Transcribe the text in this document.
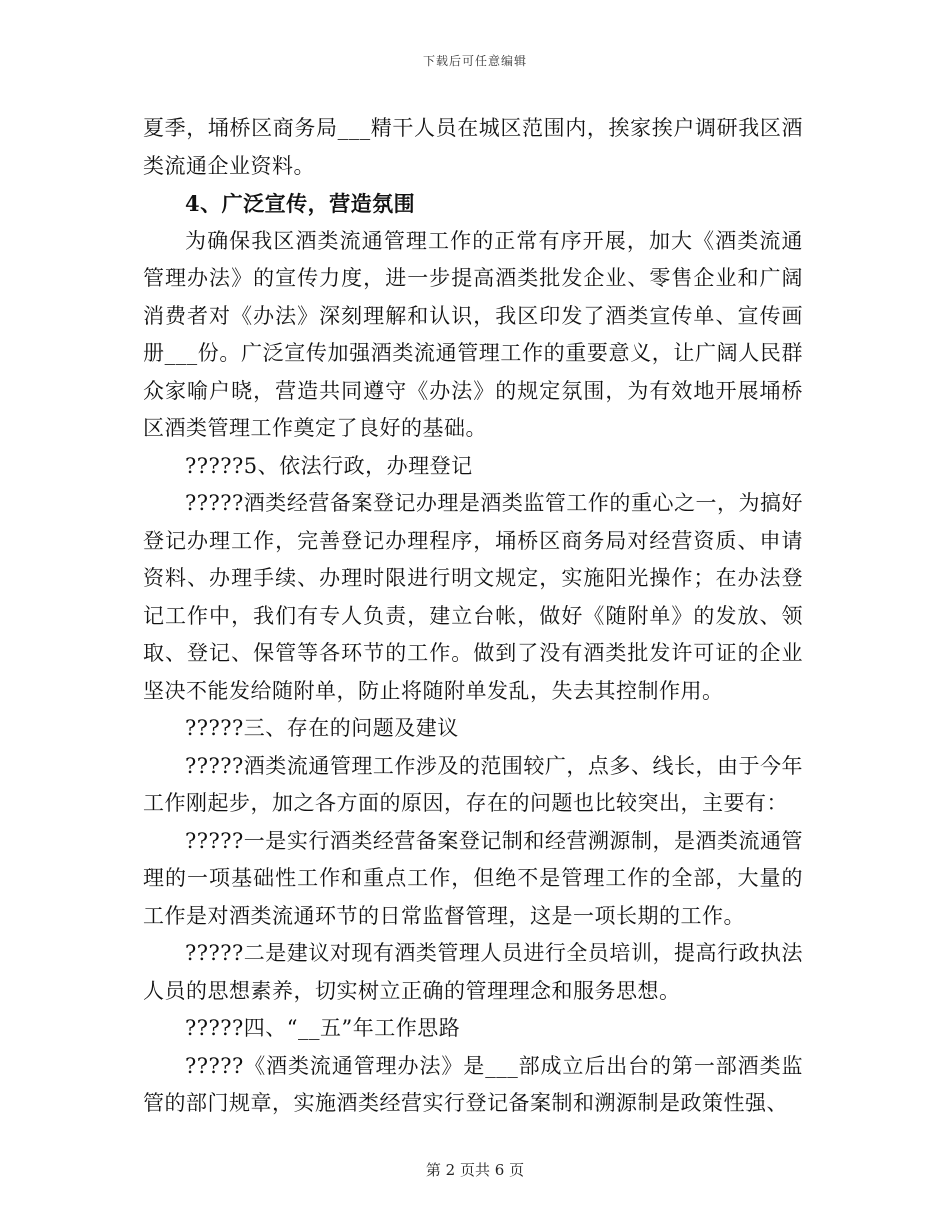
下载后可任意编辑

夏季，埇桥区商务局___精干人员在城区范围内，挨家挨户调研我区酒类流通企业资料。

4、广泛宣传，营造氛围

为确保我区酒类流通管理工作的正常有序开展，加大《酒类流通管理办法》的宣传力度，进一步提高酒类批发企业、零售企业和广阔消费者对《办法》深刻理解和认识，我区印发了酒类宣传单、宣传画册___份。广泛宣传加强酒类流通管理工作的重要意义，让广阔人民群众家喻户晓，营造共同遵守《办法》的规定氛围，为有效地开展埇桥区酒类管理工作奠定了良好的基础。

?????5、依法行政，办理登记

?????酒类经营备案登记办理是酒类监管工作的重心之一，为搞好登记办理工作，完善登记办理程序，埇桥区商务局对经营资质、申请资料、办理手续、办理时限进行明文规定，实施阳光操作；在办法登记工作中，我们有专人负责，建立台帐，做好《随附单》的发放、领取、登记、保管等各环节的工作。做到了没有酒类批发许可证的企业坚决不能发给随附单，防止将随附单发乱，失去其控制作用。

?????三、存在的问题及建议

?????酒类流通管理工作涉及的范围较广，点多、线长，由于今年工作刚起步，加之各方面的原因，存在的问题也比较突出，主要有：

?????一是实行酒类经营备案登记制和经营溯源制，是酒类流通管理的一项基础性工作和重点工作，但绝不是管理工作的全部，大量的工作是对酒类流通环节的日常监督管理，这是一项长期的工作。

?????二是建议对现有酒类管理人员进行全员培训，提高行政执法人员的思想素养，切实树立正确的管理理念和服务思想。

?????四、“__五”年工作思路

?????《酒类流通管理办法》是___部成立后出台的第一部酒类监管的部门规章，实施酒类经营实行登记备案制和溯源制是政策性强、

第 2 页共 6 页
